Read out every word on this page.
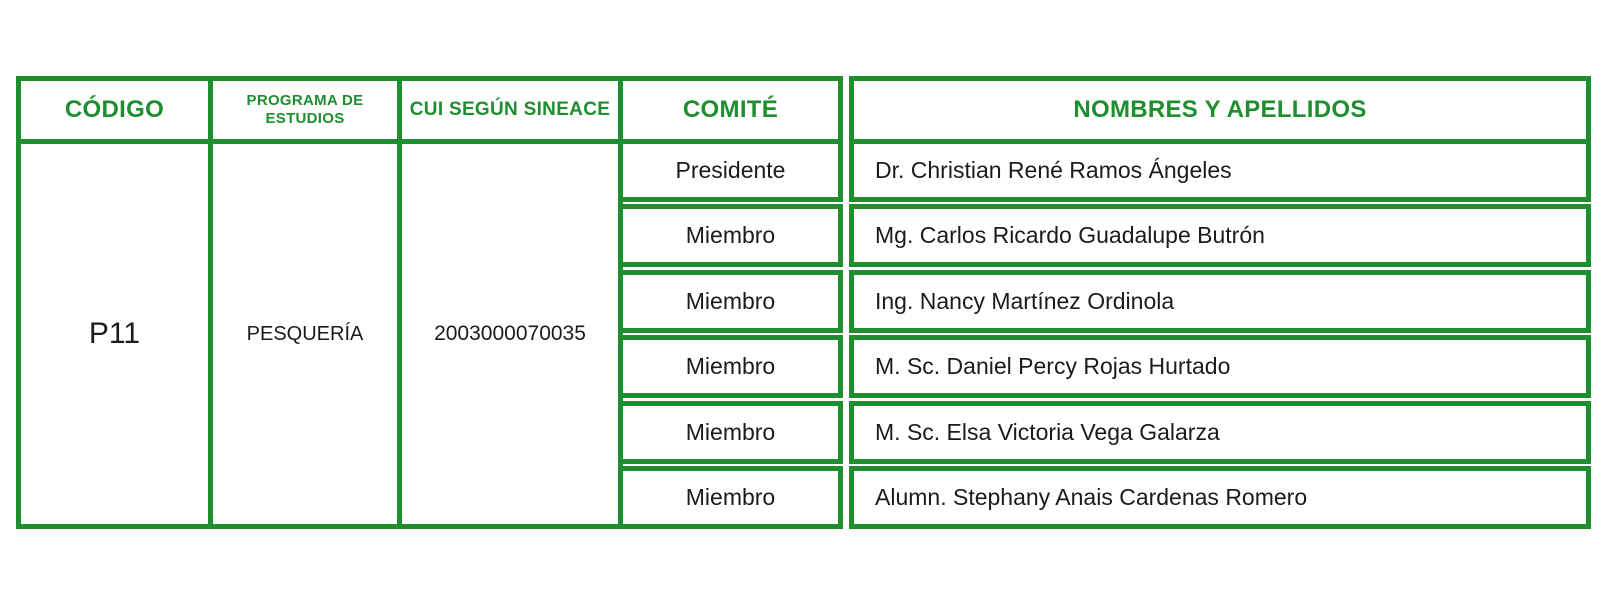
CÓDIGO	PROGRAMA DE ESTUDIOS	CUI SEGÚN SINEACE	COMITÉ	NOMBRES Y APELLIDOS
P11	PESQUERÍA	2003000070035
Presidente	Dr. Christian René Ramos Ángeles
Miembro	Mg. Carlos Ricardo Guadalupe Butrón
Miembro	Ing. Nancy Martínez Ordinola
Miembro	M. Sc. Daniel Percy Rojas Hurtado
Miembro	M. Sc. Elsa Victoria Vega Galarza
Miembro	Alumn. Stephany Anais Cardenas Romero
